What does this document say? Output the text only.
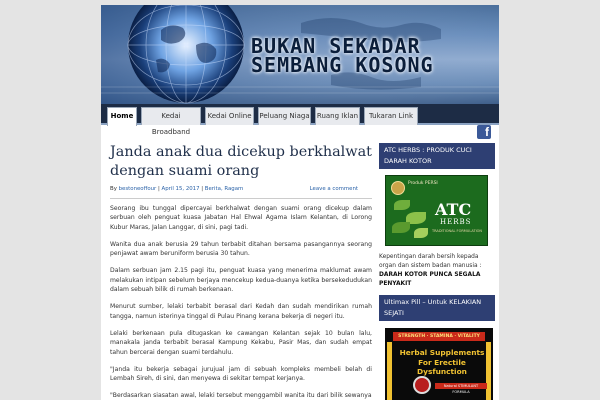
BUKAN SEKADAR
SEMBANG KOSONG
Home	Kedai Broadband
Kedai Online	Peluang Niaga Ruang Iklan	Tukaran Link
f
Janda anak dua dicekup berkhalwat dengan suami orang
By bestoneoffour | April 15, 2017 | Berita, Ragam	Leave a comment

Seorang ibu tunggal dipercayai berkhalwat dengan suami orang dicekup dalam serbuan oleh penguat kuasa Jabatan Hal Ehwal Agama Islam Kelantan, di Lorong Kubur Maras, Jalan Langgar, di sini, pagi tadi.

Wanita dua anak berusia 29 tahun terbabit ditahan bersama pasangannya seorang penjawat awam beruniform berusia 30 tahun.

Dalam serbuan jam 2.15 pagi itu, penguat kuasa yang menerima maklumat awam melakukan intipan sebelum berjaya mencekup kedua-duanya ketika bersekedudukan dalam sebuah bilik di rumah berkenaan.

Menurut sumber, lelaki terbabit berasal dari Kedah dan sudah mendirikan rumah tangga, namun isterinya tinggal di Pulau Pinang kerana bekerja di negeri itu.

Lelaki berkenaan pula ditugaskan ke cawangan Kelantan sejak 10 bulan lalu, manakala janda terbabit berasal Kampung Kekabu, Pasir Mas, dan sudah empat tahun bercerai dengan suami terdahulu.

"Janda itu bekerja sebagai jurujual jam di sebuah kompleks membeli belah di Lembah Sireh, di sini, dan menyewa di sekitar tempat kerjanya.

"Berdasarkan siasatan awal, lelaki tersebut menggambil wanita itu dari bilik sewanya

ATC HERBS : PRODUK CUCI DARAH KOTOR
Produk PERSI
ATC
HERBS
TRADITIONAL FORMULATION
Kepentingan darah bersih kepada organ dan sistem badan manusia : DARAH KOTOR PUNCA SEGALA PENYAKIT
Ultimax Pill – Untuk KELAKIAN SEJATI
STRENGTH · STAMINA · VITALITY
Herbal Supplements For Erectile Dysfunction
Natural STIMULANT FORMULA
